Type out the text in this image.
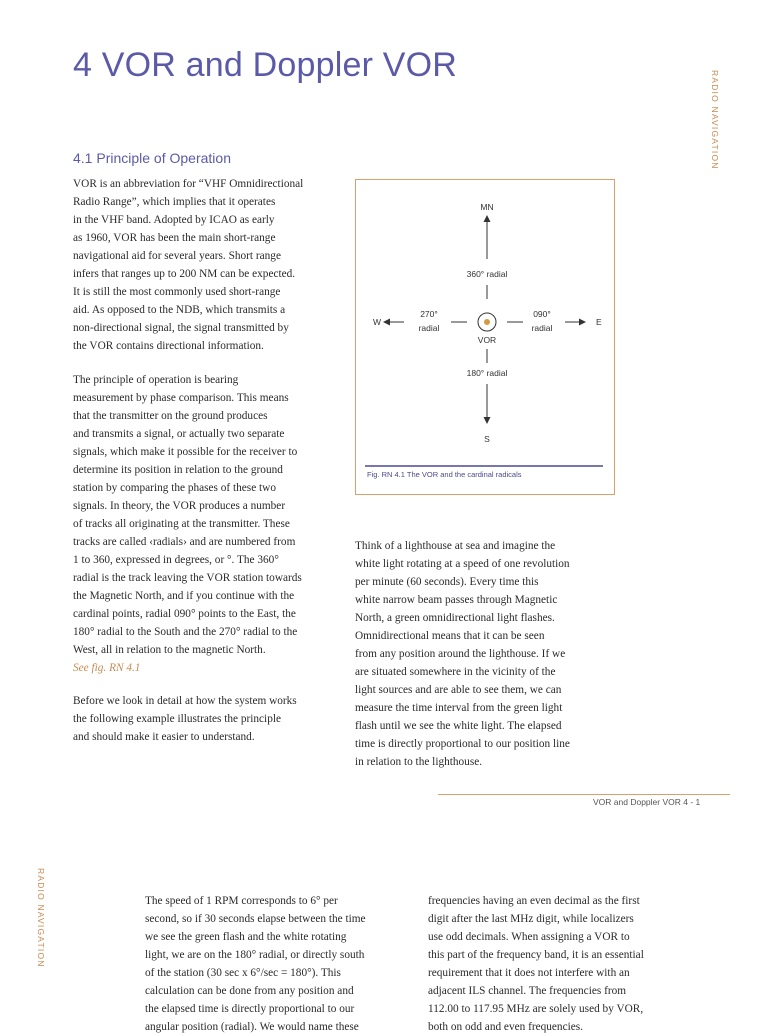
4 VOR and Doppler VOR
RADIO NAVIGATION
4.1 Principle of Operation
VOR is an abbreviation for “VHF Omnidirectional
Radio Range”, which implies that it operates
in the VHF band. Adopted by ICAO as early
as 1960, VOR has been the main short-range
navigational aid for several years. Short range
infers that ranges up to 200 NM can be expected.
It is still the most commonly used short-range
aid. As opposed to the NDB, which transmits a
non-directional signal, the signal transmitted by
the VOR contains directional information.
The principle of operation is bearing
measurement by phase comparison. This means
that the transmitter on the ground produces
and transmits a signal, or actually two separate
signals, which make it possible for the receiver to
determine its position in relation to the ground
station by comparing the phases of these two
signals. In theory, the VOR produces a number
of tracks all originating at the transmitter. These
tracks are called ‹radials› and are numbered from
1 to 360, expressed in degrees, or °. The 360°
radial is the track leaving the VOR station towards
the Magnetic North, and if you continue with the
cardinal points, radial 090° points to the East, the
180° radial to the South and the 270° radial to the
West, all in relation to the magnetic North.
See fig. RN 4.1
Before we look in detail at how the system works
the following example illustrates the principle
and should make it easier to understand.
MN
360° radial
W
270°
radial
090°
radial
E
VOR
180° radial
S
Fig. RN 4.1 The VOR and the cardinal radicals
Think of a lighthouse at sea and imagine the
white light rotating at a speed of one revolution
per minute (60 seconds). Every time this
white narrow beam passes through Magnetic
North, a green omnidirectional light flashes.
Omnidirectional means that it can be seen
from any position around the lighthouse. If we
are situated somewhere in the vicinity of the
light sources and are able to see them, we can
measure the time interval from the green light
flash until we see the white light. The elapsed
time is directly proportional to our position line
in relation to the lighthouse.
VOR and Doppler VOR 4 - 1
RADIO NAVIGATION	The speed of 1 RPM corresponds to 6° per
second, so if 30 seconds elapse between the time
we see the green flash and the white rotating
light, we are on the 180° radial, or directly south
of the station (30 sec x 6°/sec = 180°). This
calculation can be done from any position and
the elapsed time is directly proportional to our
angular position (radial). We would name these
frequencies having an even decimal as the first
digit after the last MHz digit, while localizers
use odd decimals. When assigning a VOR to
this part of the frequency band, it is an essential
requirement that it does not interfere with an
adjacent ILS channel. The frequencies from
112.00 to 117.95 MHz are solely used by VOR,
both on odd and even frequencies.
